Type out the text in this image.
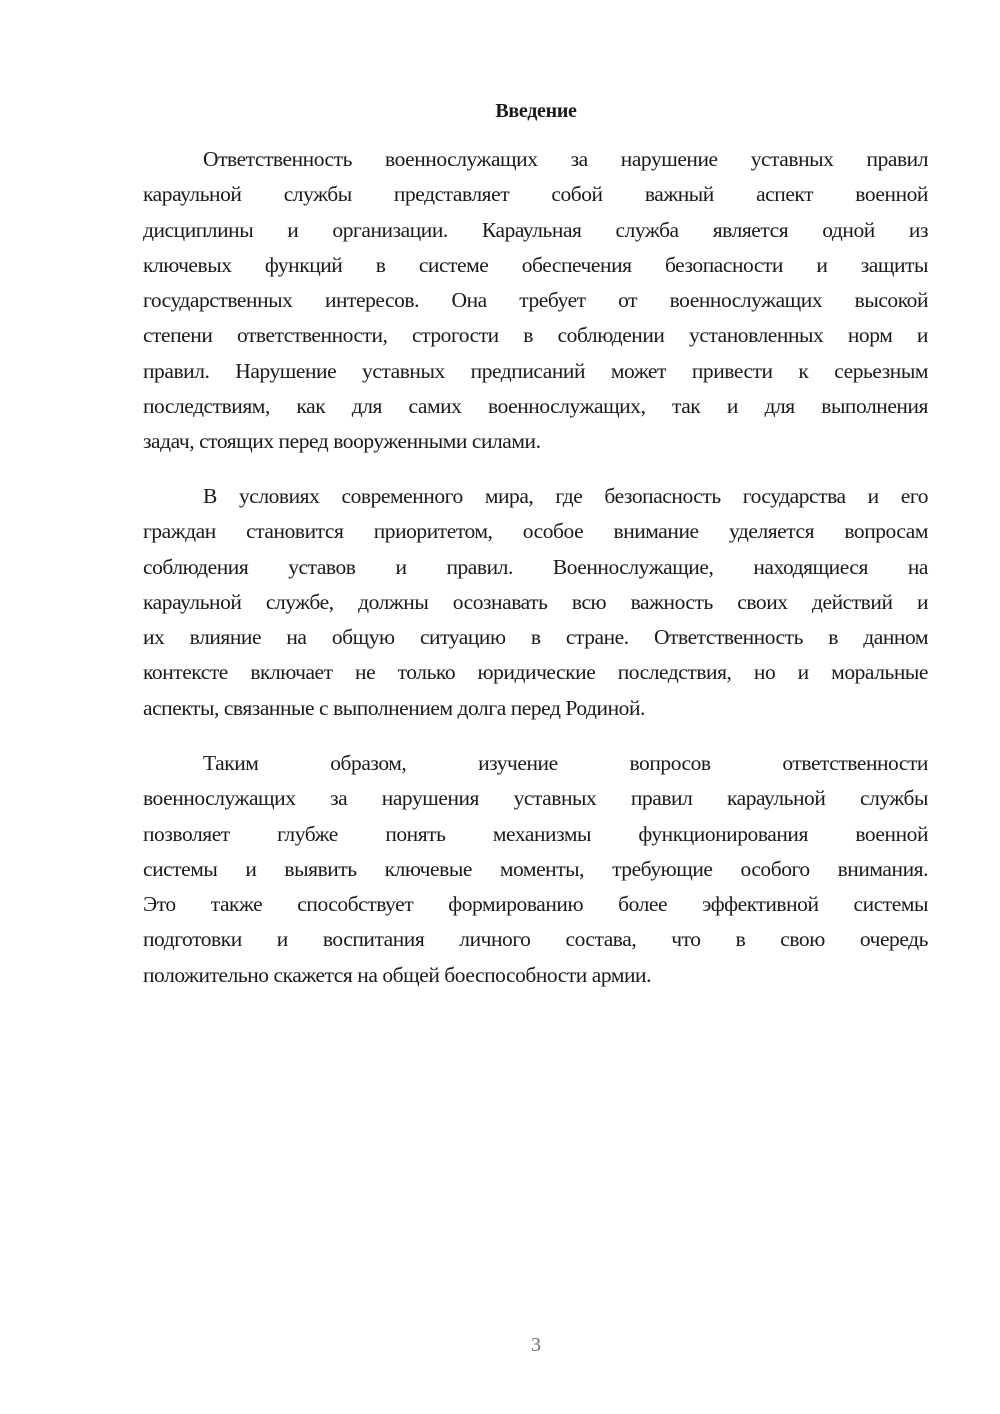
Введение
Ответственность военнослужащих за нарушение уставных правил
караульной службы представляет собой важный аспект военной
дисциплины и организации. Караульная служба является одной из
ключевых функций в системе обеспечения безопасности и защиты
государственных интересов. Она требует от военнослужащих высокой
степени ответственности, строгости в соблюдении установленных норм и
правил. Нарушение уставных предписаний может привести к серьезным
последствиям, как для самих военнослужащих, так и для выполнения
задач, стоящих перед вооруженными силами.
В условиях современного мира, где безопасность государства и его
граждан становится приоритетом, особое внимание уделяется вопросам
соблюдения уставов и правил. Военнослужащие, находящиеся на
караульной службе, должны осознавать всю важность своих действий и
их влияние на общую ситуацию в стране. Ответственность в данном
контексте включает не только юридические последствия, но и моральные
аспекты, связанные с выполнением долга перед Родиной.
Таким образом, изучение вопросов ответственности
военнослужащих за нарушения уставных правил караульной службы
позволяет глубже понять механизмы функционирования военной
системы и выявить ключевые моменты, требующие особого внимания.
Это также способствует формированию более эффективной системы
подготовки и воспитания личного состава, что в свою очередь
положительно скажется на общей боеспособности армии.
3
